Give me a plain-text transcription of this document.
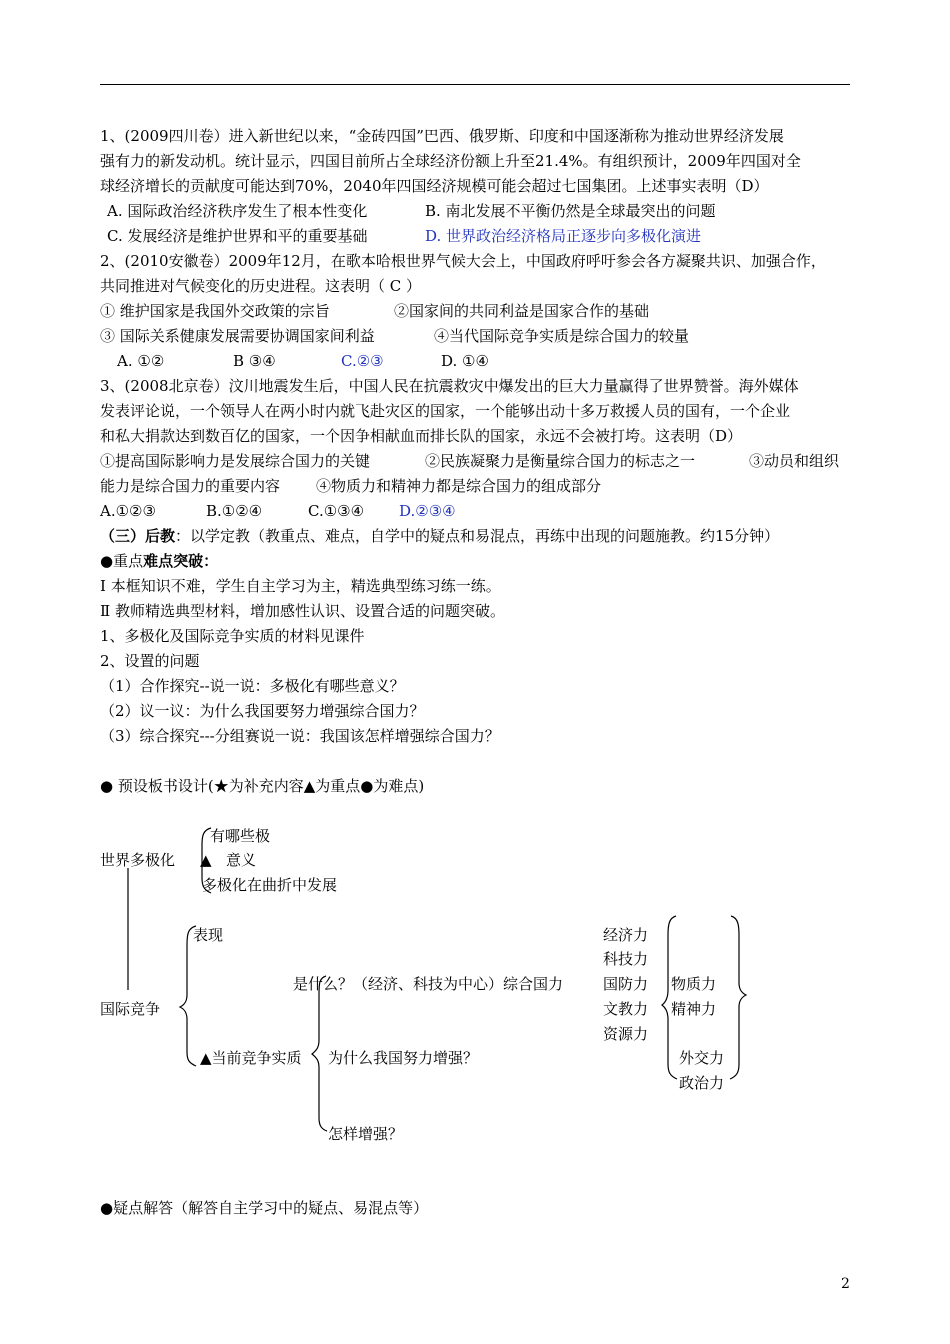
1、(2009四川卷）进入新世纪以来，“金砖四国”巴西、俄罗斯、印度和中国逐渐称为推动世界经济发展
强有力的新发动机。统计显示，四国目前所占全球经济份额上升至21.4%。有组织预计，2009年四国对全
球经济增长的贡献度可能达到70%，2040年四国经济规模可能会超过七国集团。上述事实表明（D）
A. 国际政治经济秩序发生了根本性变化	B. 南北发展不平衡仍然是全球最突出的问题
C. 发展经济是维护世界和平的重要基础	D. 世界政治经济格局正逐步向多极化演进
2、(2010安徽卷）2009年12月，在歌本哈根世界气候大会上，中国政府呼吁参会各方凝聚共识、加强合作，
共同推进对气候变化的历史进程。这表明（ C ）
① 维护国家是我国外交政策的宗旨	②国家间的共同利益是国家合作的基础
③ 国际关系健康发展需要协调国家间利益	④当代国际竞争实质是综合国力的较量
A. ①②	B ③④	C.②③	D. ①④
3、(2008北京卷）汶川地震发生后，中国人民在抗震救灾中爆发出的巨大力量赢得了世界赞誉。海外媒体
发表评论说，一个领导人在两小时内就飞赴灾区的国家，一个能够出动十多万救援人员的国有，一个企业
和私大捐款达到数百亿的国家，一个因争相献血而排长队的国家，永远不会被打垮。这表明（D）
①提高国际影响力是发展综合国力的关键	②民族凝聚力是衡量综合国力的标志之一	③动员和组织
能力是综合国力的重要内容 ④物质力和精神力都是综合国力的组成部分
A.①②③	B.①②④	C.①③④ D.②③④
（三）后教：以学定教（教重点、难点，自学中的疑点和易混点，再练中出现的问题施教。约15分钟）
●重点难点突破：
Ⅰ 本框知识不难，学生自主学习为主，精选典型练习练一练。
Ⅱ 教师精选典型材料，增加感性认识、设置合适的问题突破。
1、多极化及国际竞争实质的材料见课件
2、设置的问题
（1）合作探究--说一说：多极化有哪些意义？
（2）议一议：为什么我国要努力增强综合国力？
（3）综合探究---分组赛说一说：我国该怎样增强综合国力？
● 预设板书设计(★为补充内容▲为重点●为难点)
有哪些极
世界多极化 ▲ 意义
多极化在曲折中发展
表现
是什么？（经济、科技为中心）综合国力
国际竞争
▲当前竞争实质 为什么我国努力增强？
怎样增强？
经济力
科技力
国防力
文教力
资源力
物质力
精神力
外交力
政治力
●疑点解答（解答自主学习中的疑点、易混点等）
2
